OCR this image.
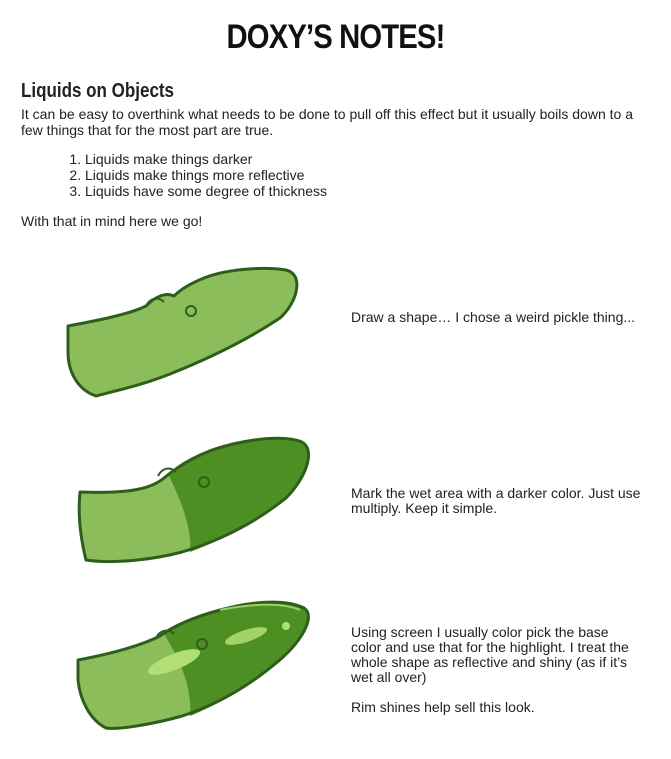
DOXY’S NOTES!
Liquids on Objects
It can be easy to overthink what needs to be done to pull off this effect but it usually boils down to a few things that for the most part are true.
1. Liquids make things darker
2. Liquids make things more reflective
3. Liquids have some degree of thickness
With that in mind here we go!

Draw a shape… I chose a weird pickle thing...

Mark the wet area with a darker color. Just use multiply. Keep it simple.

Using screen I usually color pick the base color and use that for the highlight. I treat the whole shape as reflective and shiny (as if it’s wet all over)

Rim shines help sell this look.
